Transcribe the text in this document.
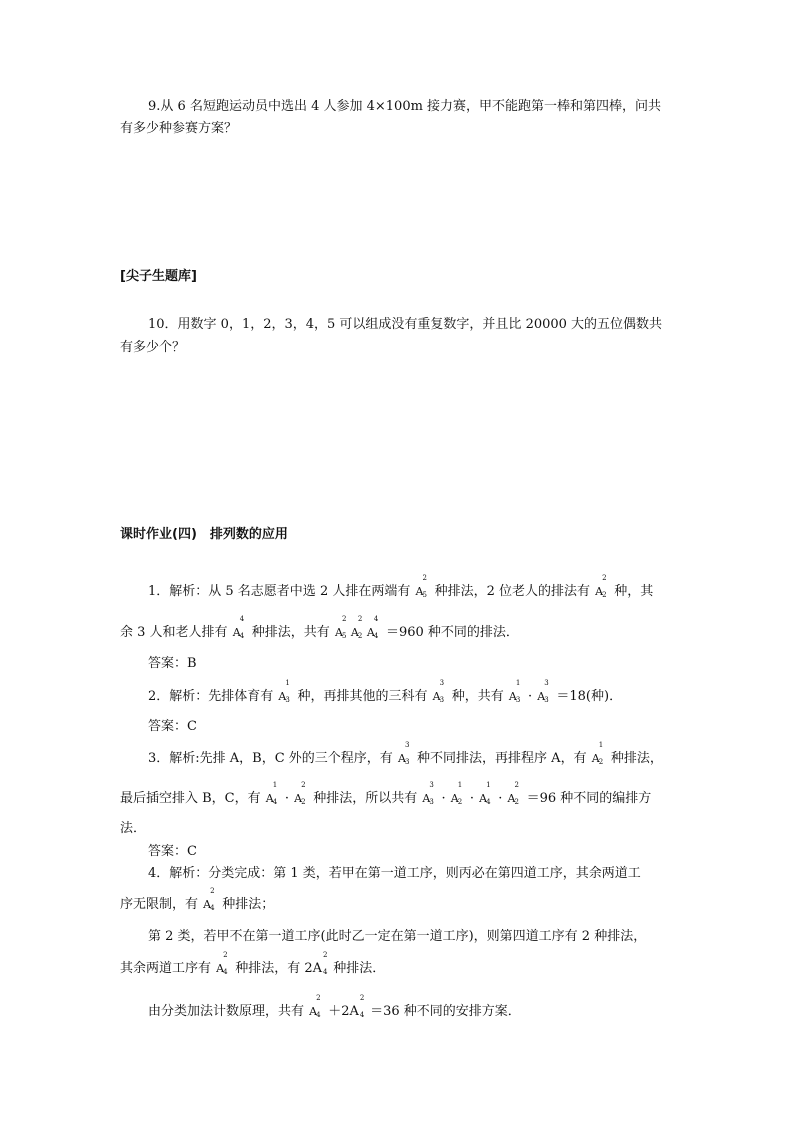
9.从 6 名短跑运动员中选出 4 人参加 4×100m 接力赛，甲不能跑第一棒和第四棒，问共
有多少种参赛方案？
[尖子生题库]
10．用数字 0，1，2，3，4，5 可以组成没有重复数字，并且比 20000 大的五位偶数共
有多少个？
课时作业(四)　排列数的应用
1．解析：从 5 名志愿者中选 2 人排在两端有 A
2
5 种排法，2 位老人的排法有 A
2
2 种，其
余 3 人和老人排有 A
4
4 种排法，共有 A
2
5 A
2
2 A
4
4 ＝960 种不同的排法．
答案：B
2．解析：先排体育有 A
1
3 种，再排其他的三科有 A
3
3 种，共有 A
1
3 · A
3
3 ＝18(种)．
答案：C
3．解析:先排 A，B，C 外的三个程序，有 A
3
3 种不同排法，再排程序 A，有 A
1
2 种排法，
最后插空排入 B，C，有 A
1
4 · A
2
2 种排法，所以共有 A
3
3 · A
1
2 · A
1
4 · A
2
2 ＝96 种不同的编排方
法．
答案：C
4．解析：分类完成：第 1 类，若甲在第一道工序，则丙必在第四道工序，其余两道工
序无限制，有 A
2
4 种排法；
第 2 类，若甲不在第一道工序(此时乙一定在第一道工序)，则第四道工序有 2 种排法，
其余两道工序有 A
2
4 种排法，有 2A
2
4 种排法．
由分类加法计数原理，共有 A
2
4 ＋2A
2
4 ＝36 种不同的安排方案．
